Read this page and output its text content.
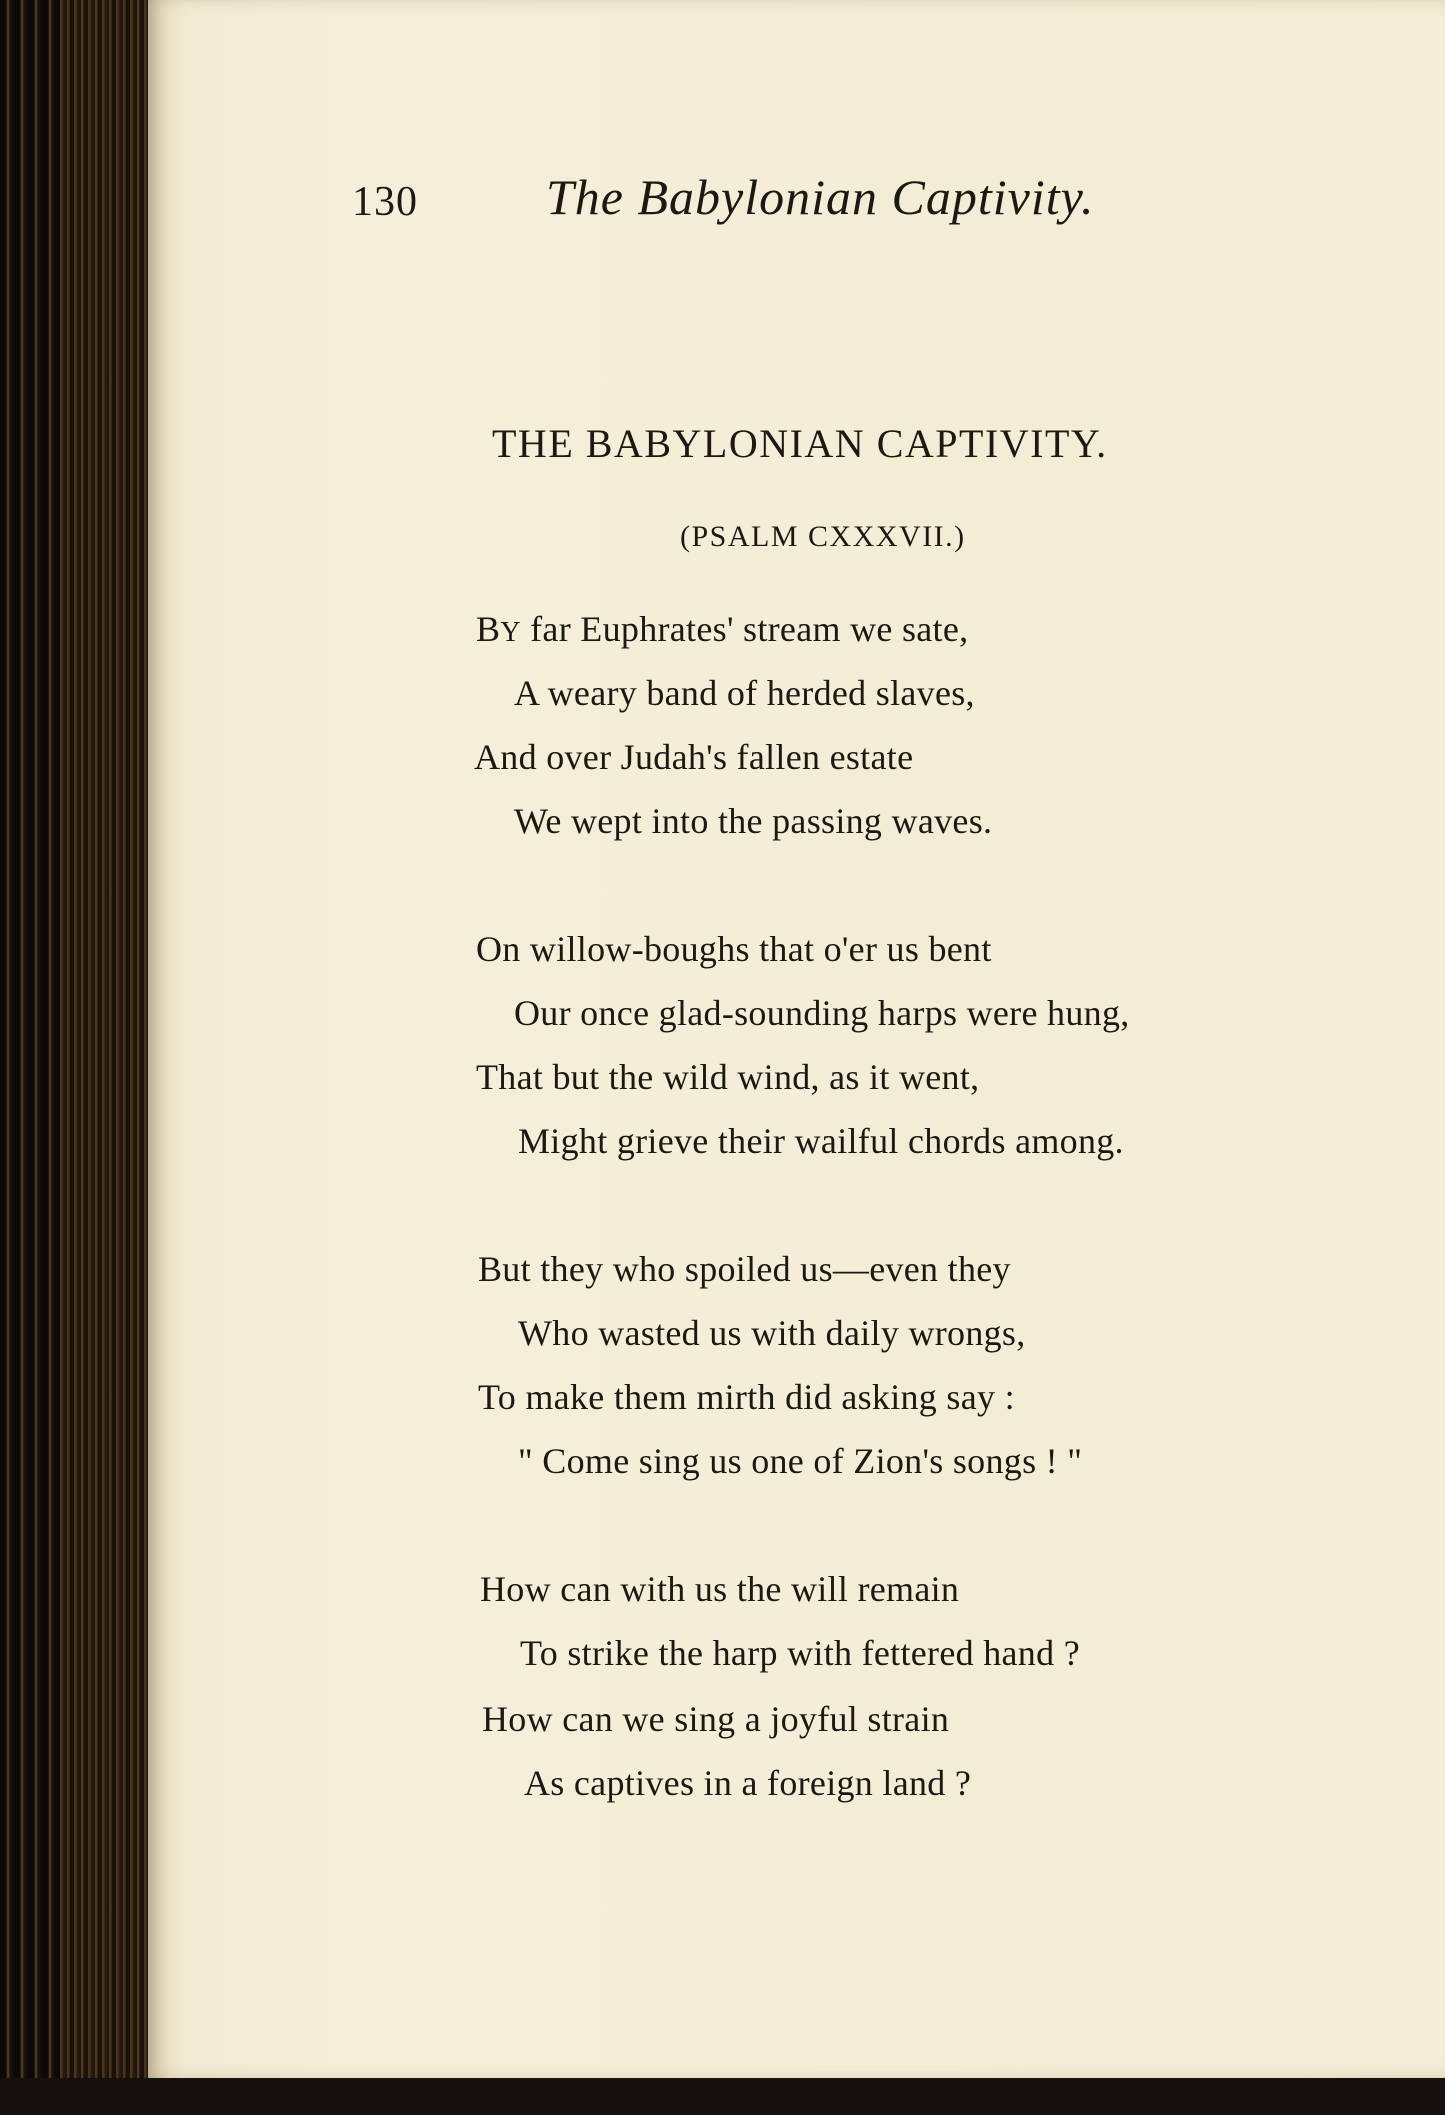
130	The Babylonian Captivity.
THE BABYLONIAN CAPTIVITY.
(PSALM CXXXVII.)
BY far Euphrates' stream we sate,
A weary band of herded slaves,
And over Judah's fallen estate
We wept into the passing waves.
On willow-boughs that o'er us bent
Our once glad-sounding harps were hung,
That but the wild wind, as it went,
Might grieve their wailful chords among.
But they who spoiled us—even they
Who wasted us with daily wrongs,
To make them mirth did asking say :
" Come sing us one of Zion's songs ! "
How can with us the will remain
To strike the harp with fettered hand ?
How can we sing a joyful strain
As captives in a foreign land ?
